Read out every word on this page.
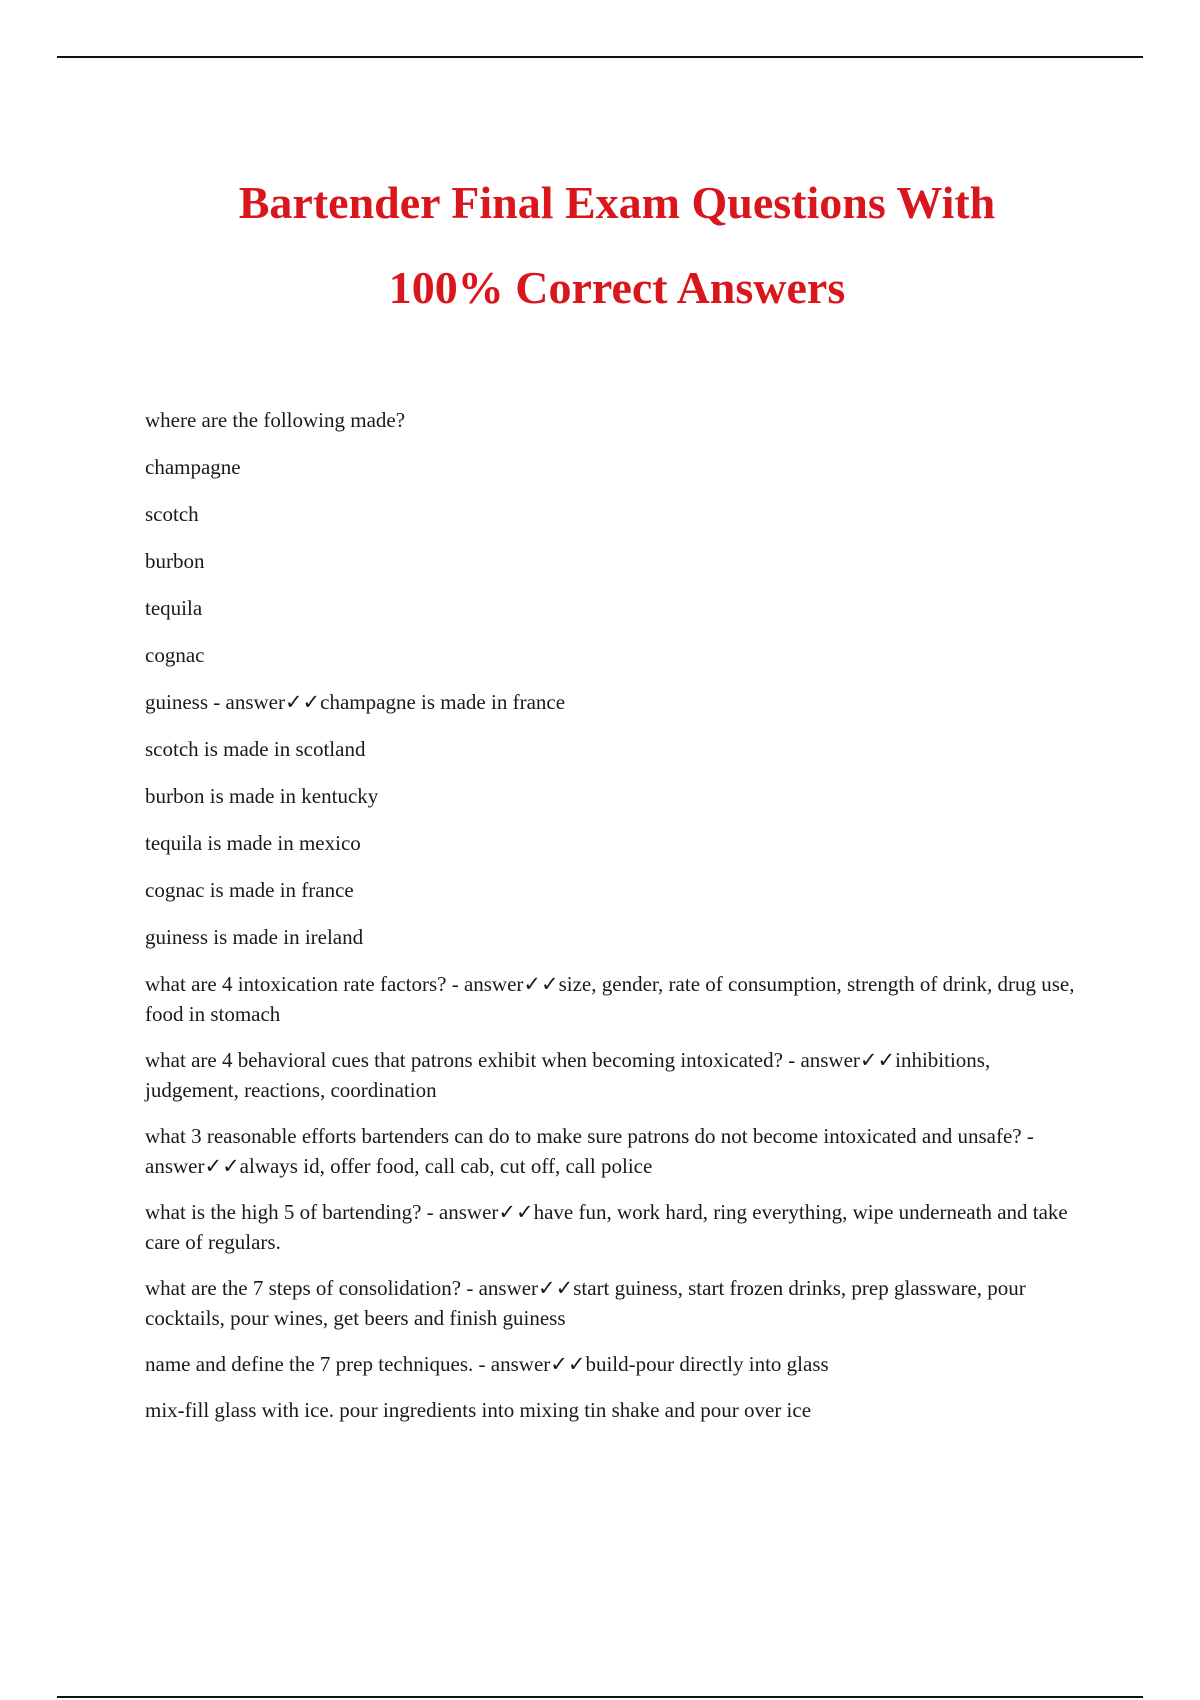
Bartender Final Exam Questions With
100% Correct Answers

where are the following made?

champagne

scotch

burbon

tequila

cognac

guiness - answer✓✓champagne is made in france

scotch is made in scotland

burbon is made in kentucky

tequila is made in mexico

cognac is made in france

guiness is made in ireland

what are 4 intoxication rate factors? - answer✓✓size, gender, rate of consumption, strength of drink, drug use, food in stomach

what are 4 behavioral cues that patrons exhibit when becoming intoxicated? - answer✓✓inhibitions, judgement, reactions, coordination

what 3 reasonable efforts bartenders can do to make sure patrons do not become intoxicated and unsafe? - answer✓✓always id, offer food, call cab, cut off, call police

what is the high 5 of bartending? - answer✓✓have fun, work hard, ring everything, wipe underneath and take care of regulars.

what are the 7 steps of consolidation? - answer✓✓start guiness, start frozen drinks, prep glassware, pour cocktails, pour wines, get beers and finish guiness

name and define the 7 prep techniques. - answer✓✓build-pour directly into glass

mix-fill glass with ice. pour ingredients into mixing tin shake and pour over ice
